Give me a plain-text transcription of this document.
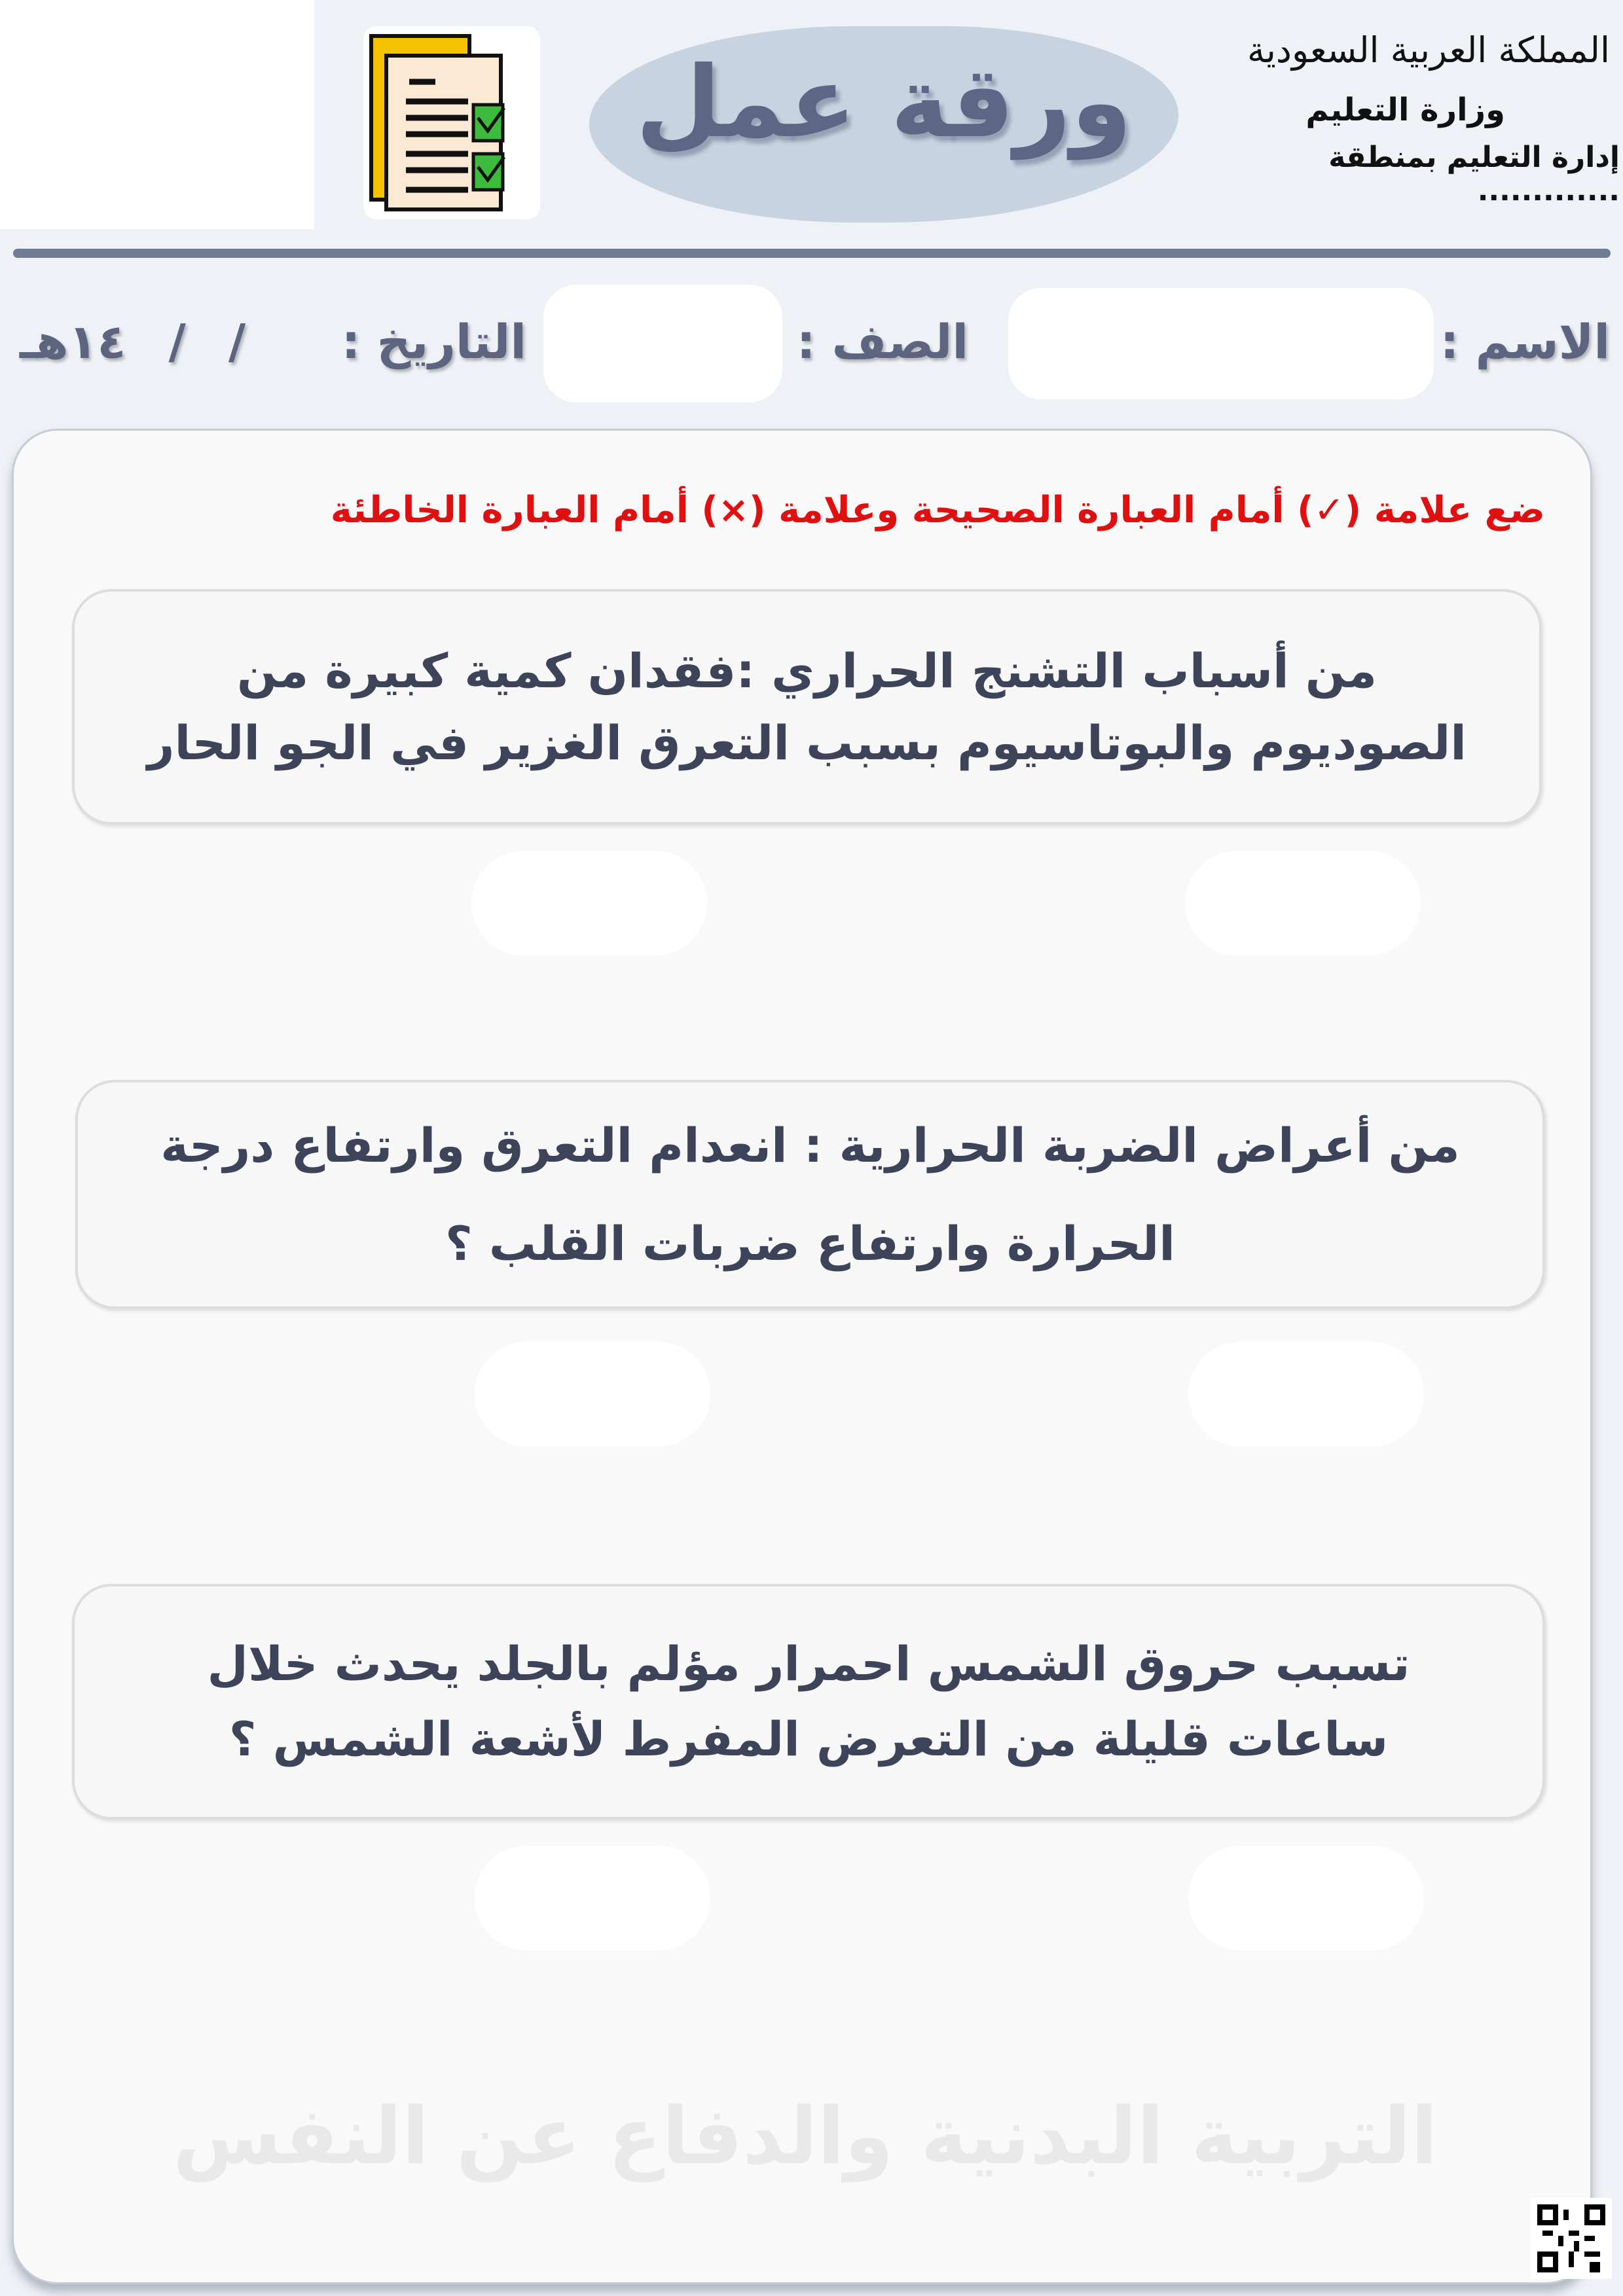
ورقة عمل	المملكة العربية السعودية
وزارة التعليم
إدارة التعليم بمنطقة .............
الاسم :
الصف :
التاريخ :
/ / ١٤هـ
التربية البدنية والدفاع عن النفس
ضع علامة (✓) أمام العبارة الصحيحة وعلامة (×) أمام العبارة الخاطئة
من أسباب التشنج الحراري :فقدان كمية كبيرة من الصوديوم والبوتاسيوم بسبب التعرق الغزير في الجو الحار
من أعراض الضربة الحرارية : انعدام التعرق وارتفاع درجة الحرارة وارتفاع ضربات القلب ؟
تسبب حروق الشمس احمرار مؤلم بالجلد يحدث خلال ساعات قليلة من التعرض المفرط لأشعة الشمس ؟
